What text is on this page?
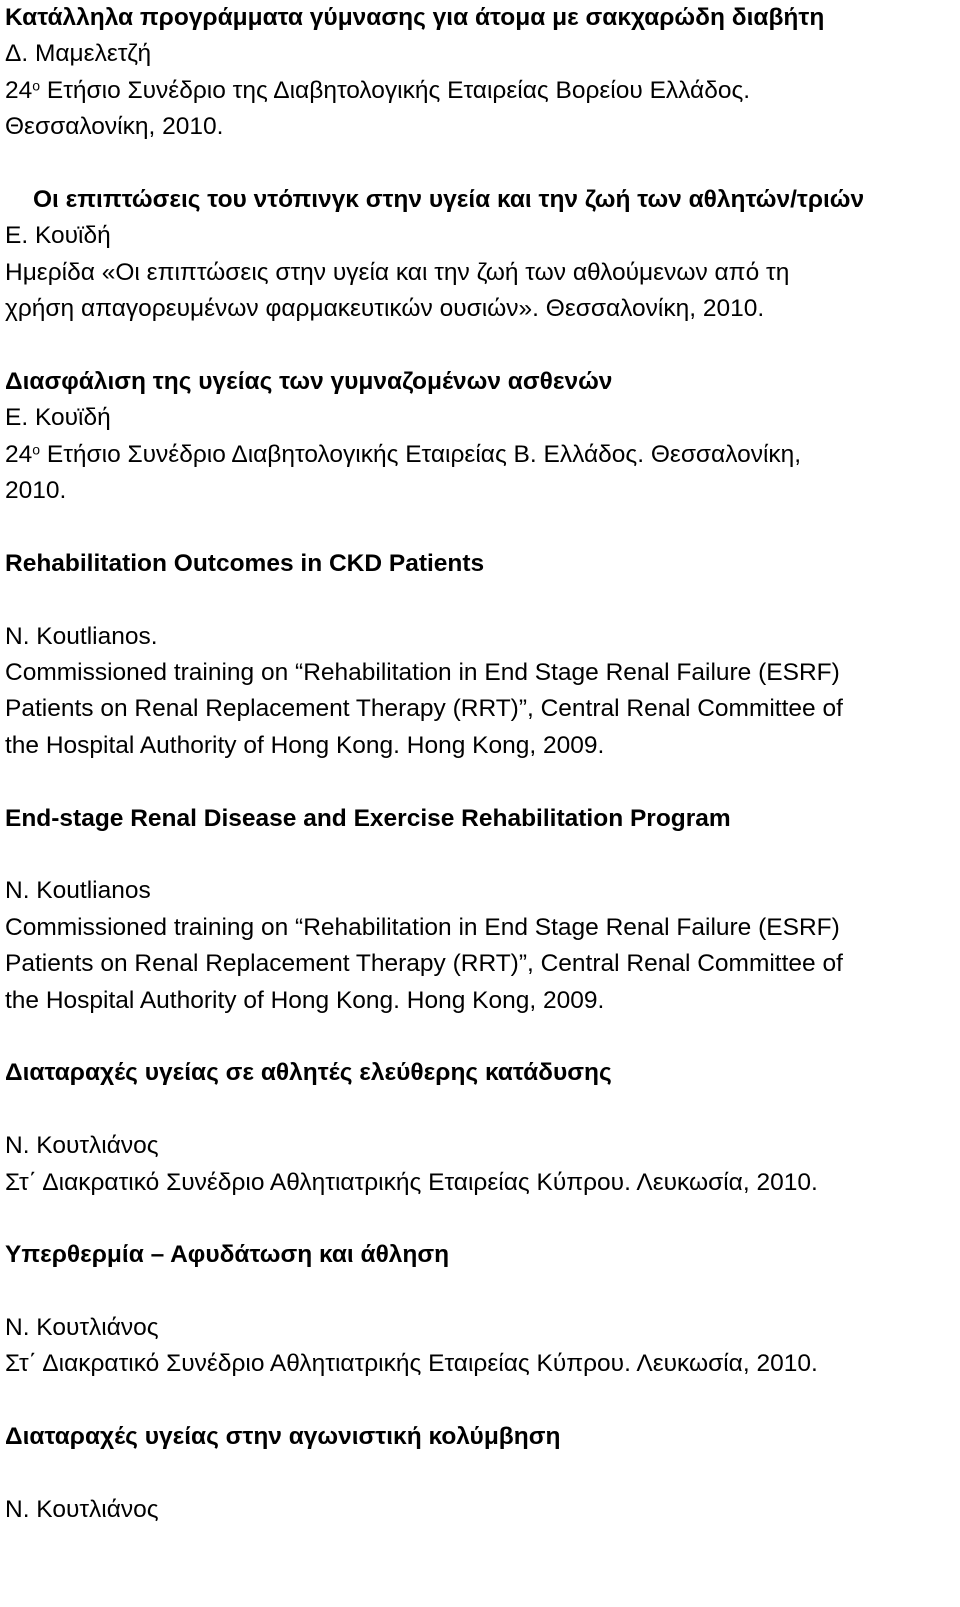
Κατάλληλα προγράμματα γύμνασης για άτομα με σακχαρώδη διαβήτη
Δ. Μαμελετζή
$24^o$ Ετήσιο Συνέδριο της Διαβητολογικής Εταιρείας Βορείου Ελλάδος.
Θεσσαλονίκη, 2010.
Οι επιπτώσεις του ντόπινγκ στην υγεία και την ζωή των αθλητών/τριών
Ε. Κουϊδή
Ημερίδα «Οι επιπτώσεις στην υγεία και την ζωή των αθλούμενων από τη
χρήση απαγορευμένων φαρμακευτικών ουσιών». Θεσσαλονίκη, 2010.
Διασφάλιση της υγείας των γυμναζομένων ασθενών
Ε. Κουϊδή
$24^o$ Ετήσιο Συνέδριο Διαβητολογικής Εταιρείας Β. Ελλάδος. Θεσσαλονίκη,
2010.
Rehabilitation Outcomes in CKD Patients
N. Koutlianos.
Commissioned training on “Rehabilitation in End Stage Renal Failure (ESRF)
Patients on Renal Replacement Therapy (RRT)”, Central Renal Committee of
the Hospital Authority of Hong Kong. Hong Kong, 2009.
End-stage Renal Disease and Exercise Rehabilitation Program
N. Koutlianos
Commissioned training on “Rehabilitation in End Stage Renal Failure (ESRF)
Patients on Renal Replacement Therapy (RRT)”, Central Renal Committee of
the Hospital Authority of Hong Kong. Hong Kong, 2009.
Διαταραχές υγείας σε αθλητές ελεύθερης κατάδυσης
Ν. Κουτλιάνος
Στ΄ Διακρατικό Συνέδριο Αθλητιατρικής Εταιρείας Κύπρου. Λευκωσία, 2010.
Υπερθερμία – Αφυδάτωση και άθληση
Ν. Κουτλιάνος
Στ΄ Διακρατικό Συνέδριο Αθλητιατρικής Εταιρείας Κύπρου. Λευκωσία, 2010.
Διαταραχές υγείας στην αγωνιστική κολύμβηση
Ν. Κουτλιάνος
